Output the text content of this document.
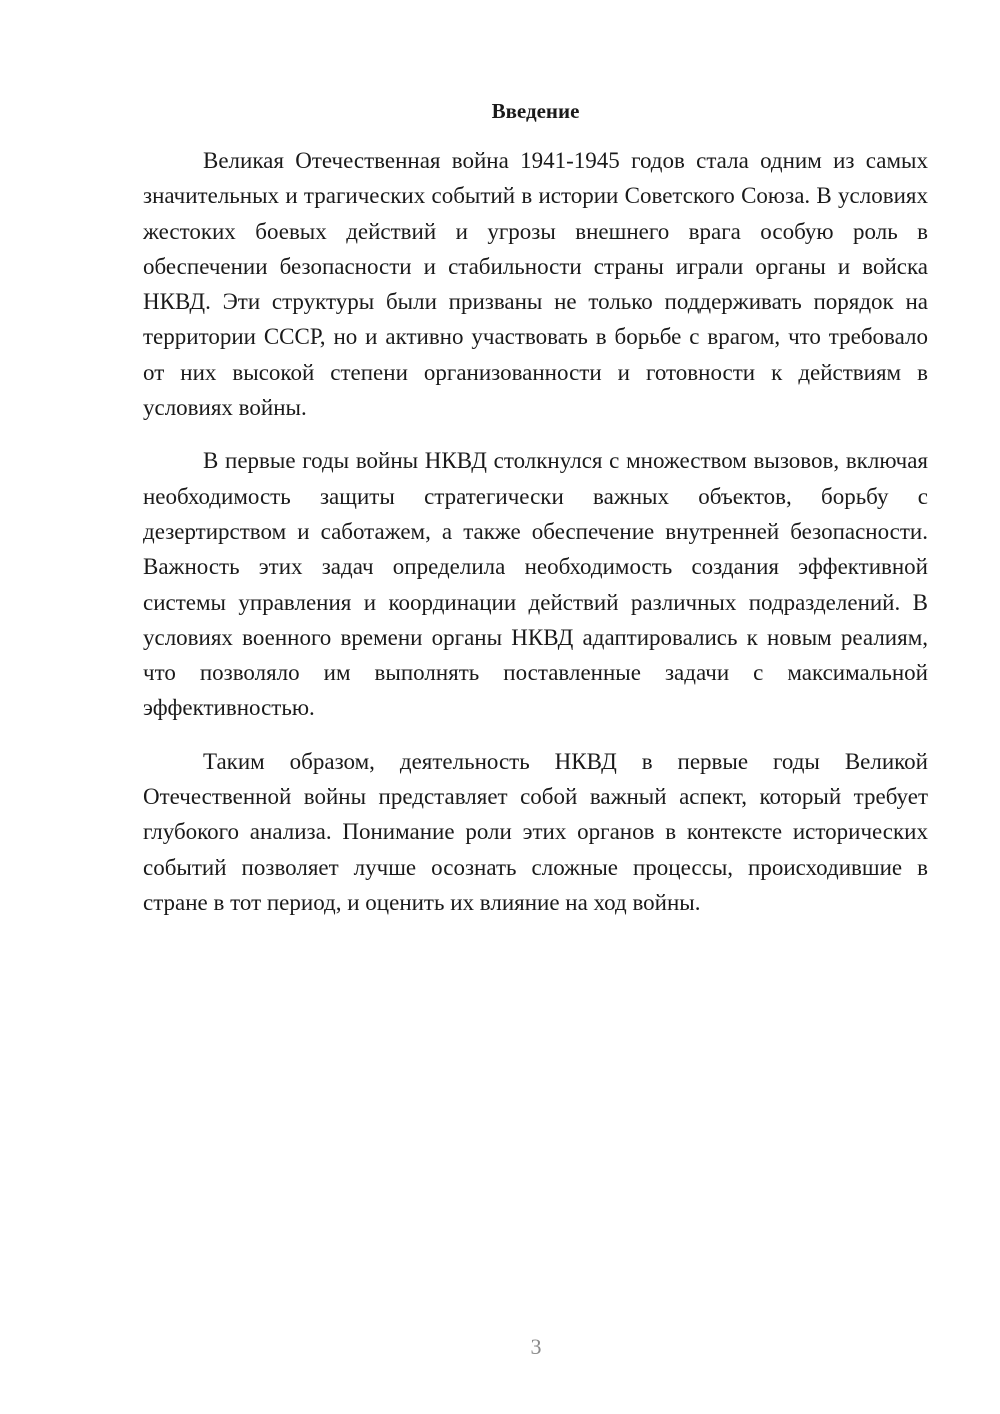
Введение

Великая Отечественная война 1941-1945 годов стала одним из самых значительных и трагических событий в истории Советского Союза. В условиях жестоких боевых действий и угрозы внешнего врага особую роль в обеспечении безопасности и стабильности страны играли органы и войска НКВД. Эти структуры были призваны не только поддерживать порядок на территории СССР, но и активно участвовать в борьбе с врагом, что требовало от них высокой степени организованности и готовности к действиям в условиях войны.

В первые годы войны НКВД столкнулся с множеством вызовов, включая необходимость защиты стратегически важных объектов, борьбу с дезертирством и саботажем, а также обеспечение внутренней безопасности. Важность этих задач определила необходимость создания эффективной системы управления и координации действий различных подразделений. В условиях военного времени органы НКВД адаптировались к новым реалиям, что позволяло им выполнять поставленные задачи с максимальной эффективностью.

Таким образом, деятельность НКВД в первые годы Великой Отечественной войны представляет собой важный аспект, который требует глубокого анализа. Понимание роли этих органов в контексте исторических событий позволяет лучше осознать сложные процессы, происходившие в стране в тот период, и оценить их влияние на ход войны.

3
